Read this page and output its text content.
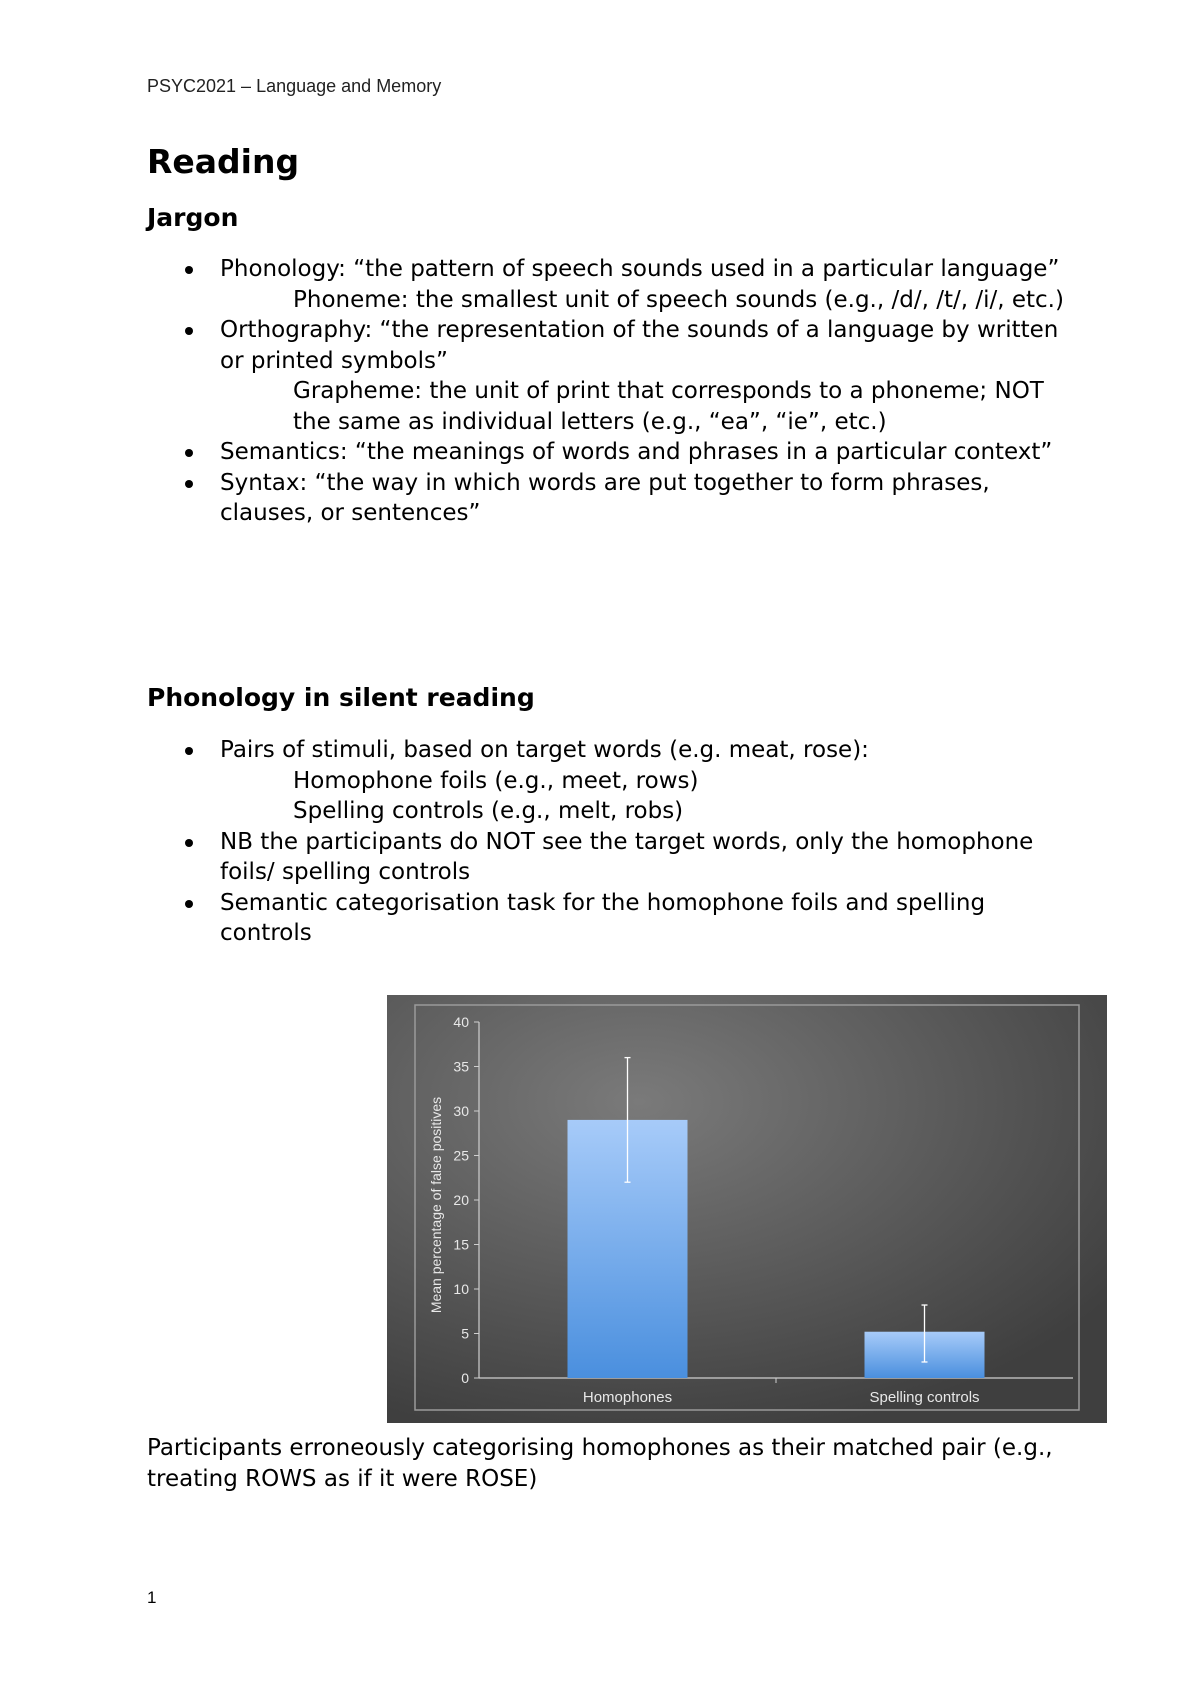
PSYC2021 – Language and Memory
Reading
Jargon
Phonology: “the pattern of speech sounds used in a particular language”
Phoneme: the smallest unit of speech sounds (e.g., /d/, /t/, /i/, etc.)
Orthography: “the representation of the sounds of a language by written or printed symbols”
Grapheme: the unit of print that corresponds to a phoneme; NOT the same as individual letters (e.g., “ea”, “ie”, etc.)
Semantics: “the meanings of words and phrases in a particular context”
Syntax: “the way in which words are put together to form phrases, clauses, or sentences”
Phonology in silent reading
Pairs of stimuli, based on target words (e.g. meat, rose):
Homophone foils (e.g., meet, rows)
Spelling controls (e.g., melt, robs)
NB the participants do NOT see the target words, only the homophone foils/ spelling controls
Semantic categorisation task for the homophone foils and spelling controls
0
5
10
15
20
25
30
35
40
Mean percentage of false positives
Homophones	Spelling controls
Participants erroneously categorising homophones as their matched pair (e.g., treating ROWS as if it were ROSE)
1
